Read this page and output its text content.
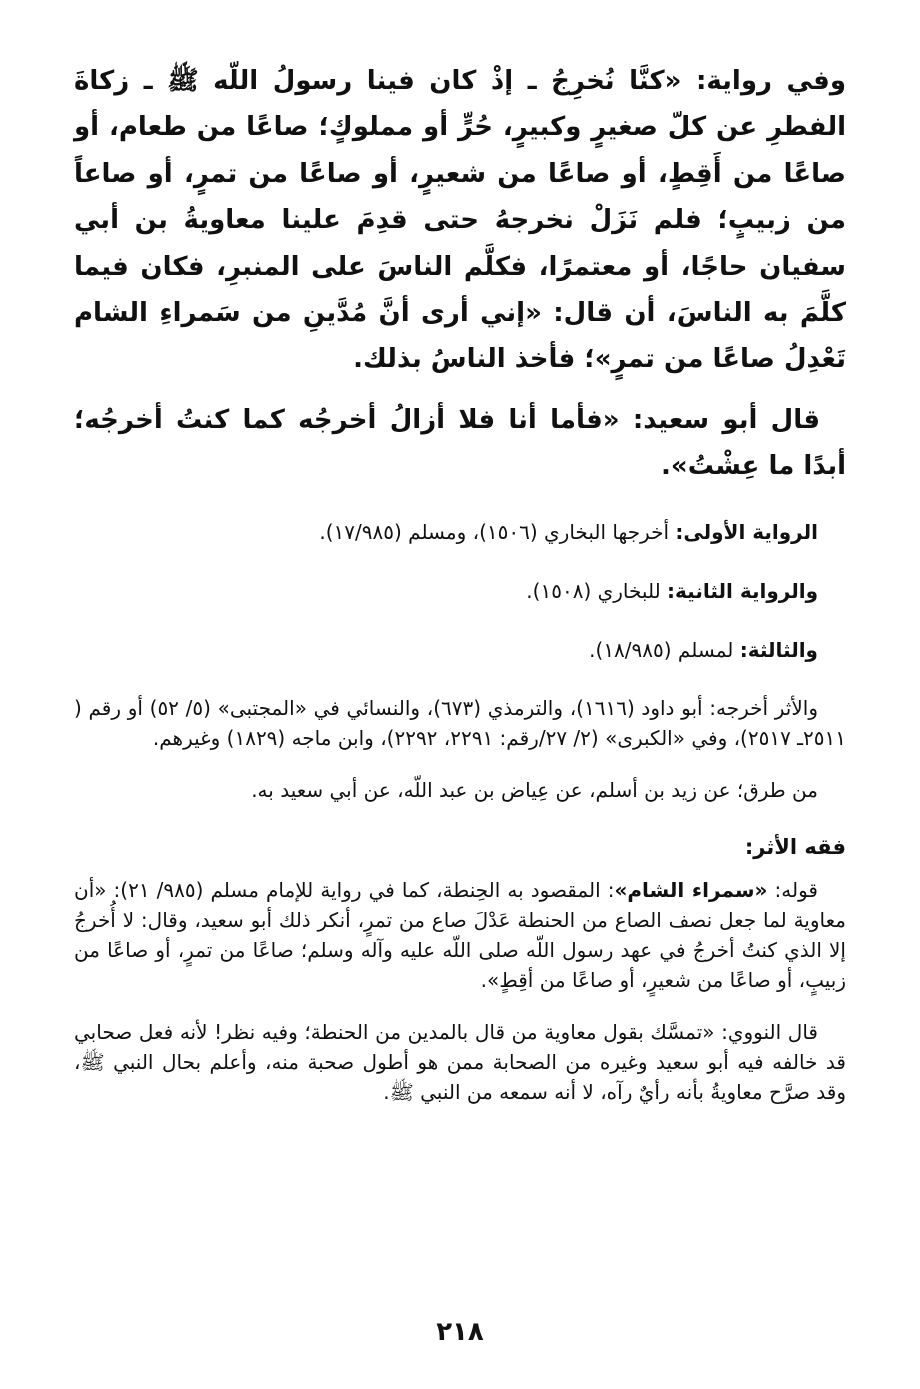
وفي رواية: «كنَّا نُخرِجُ ـ إذْ كان فينا رسولُ اللّه ﷺ ـ زكاةَ الفطرِ عن كلّ صغيرٍ وكبيرٍ، حُرٍّ أو مملوكٍ؛ صاعًا من طعام، أو صاعًا من أَقِطٍ، أو صاعًا من شعيرٍ، أو صاعًا من تمرٍ، أو صاعاً من زبيبٍ؛ فلم نَزَلْ نخرجهُ حتى قدِمَ علينا معاويةُ بن أبي سفيان حاجًا، أو معتمرًا، فكلَّم الناسَ على المنبرِ، فكان فيما كلَّمَ به الناسَ، أن قال: «إني أرى أنَّ مُدَّينِ من سَمراءِ الشام تَعْدِلُ صاعًا من تمرٍ»؛ فأخذ الناسُ بذلك.

قال أبو سعيد: «فأما أنا فلا أزالُ أخرجُه كما كنتُ أخرجُه؛ أبدًا ما عِشْتُ».

الرواية الأولى: أخرجها البخاري (١٥٠٦)، ومسلم (١٧/٩٨٥).

والرواية الثانية: للبخاري (١٥٠٨).

والثالثة: لمسلم (١٨/٩٨٥).

والأثر أخرجه: أبو داود (١٦١٦)، والترمذي (٦٧٣)، والنسائي في «المجتبى» (٥/ ٥٢) أو رقم ( ٢٥١١ـ ٢٥١٧)، وفي «الكبرى» (٢/ ٢٧/رقم: ٢٢٩١، ٢٢٩٢)، وابن ماجه (١٨٢٩) وغيرهم.

من طرق؛ عن زيد بن أسلم، عن عِياض بن عبد اللّه، عن أبي سعيد به.

فقه الأثر:

قوله: «سمراء الشام»: المقصود به الحِنطة، كما في رواية للإمام مسلم (٩٨٥/ ٢١): «أن معاوية لما جعل نصف الصاع من الحنطة عَدْلَ صاع من تمرٍ، أنكر ذلك أبو سعيد، وقال: لا أُخرجُ إلا الذي كنتُ أخرجُ في عهد رسول اللّه صلى اللّه عليه وآله وسلم؛ صاعًا من تمرٍ، أو صاعًا من زبيبٍ، أو صاعًا من شعيرٍ، أو صاعًا من أقِطٍ».

قال النووي: «تمسَّك بقول معاوية من قال بالمدين من الحنطة؛ وفيه نظر! لأنه فعل صحابي قد خالفه فيه أبو سعيد وغيره من الصحابة ممن هو أطول صحبة منه، وأعلم بحال النبي ﷺ، وقد صرَّح معاويةُ بأنه رأيٌ رآه، لا أنه سمعه من النبي ﷺ.

٢١٨
